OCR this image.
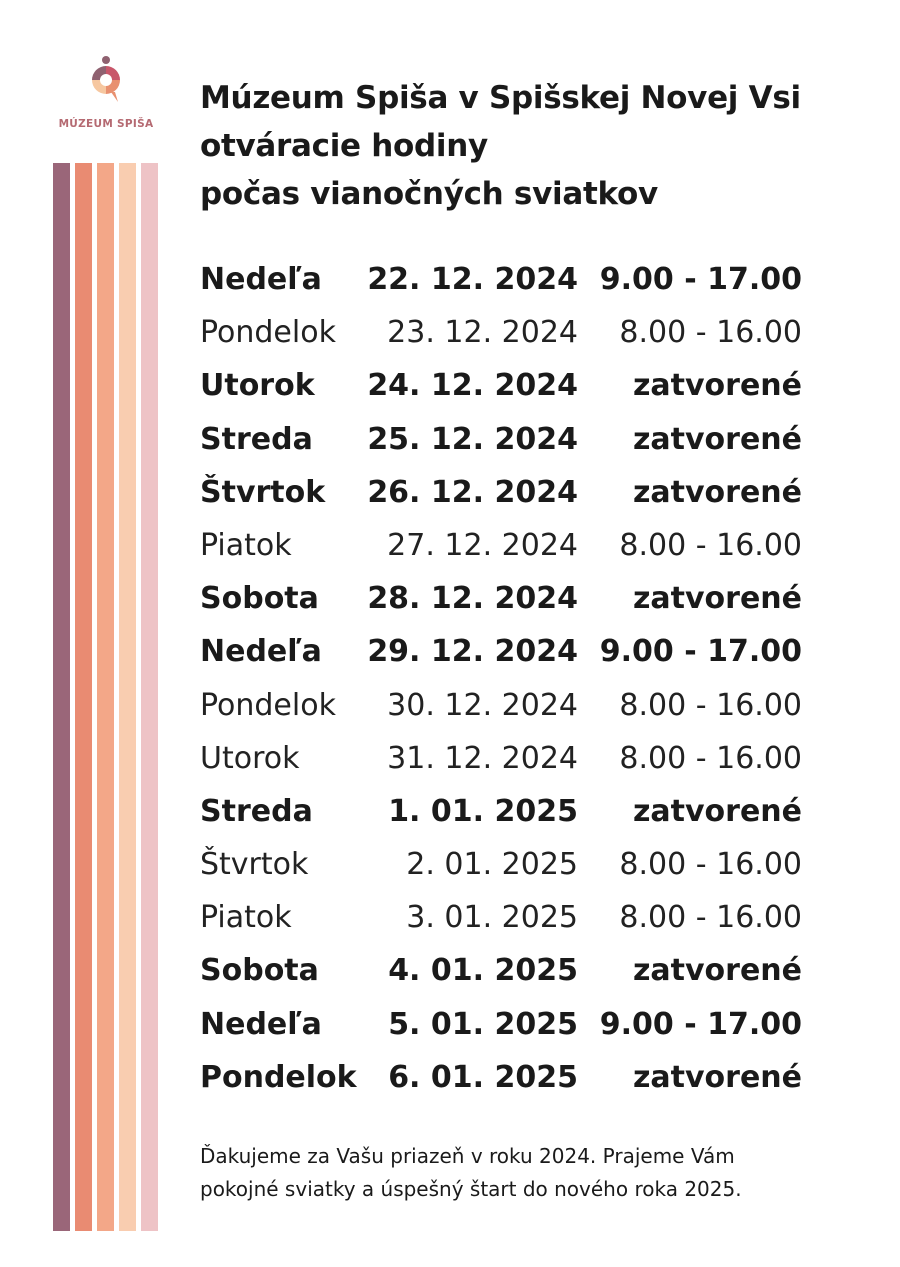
MÚZEUM SPIŠA
Múzeum Spiša v Spišskej Novej Vsi
otváracie hodiny
počas vianočných sviatkov
Nedeľa 22. 12. 2024 9.00 - 17.00
Pondelok 23. 12. 2024 8.00 - 16.00
Utorok 24. 12. 2024 zatvorené
Streda 25. 12. 2024 zatvorené
Štvrtok 26. 12. 2024 zatvorené
Piatok	27. 12. 2024 8.00 - 16.00
Sobota 28. 12. 2024 zatvorené
Nedeľa 29. 12. 2024 9.00 - 17.00
Pondelok 30. 12. 2024 8.00 - 16.00
Utorok	31. 12. 2024 8.00 - 16.00
Streda	1. 01. 2025 zatvorené
Štvrtok	2. 01. 2025 8.00 - 16.00
Piatok	3. 01. 2025 8.00 - 16.00
Sobota 4. 01. 2025 zatvorené
Nedeľa 5. 01. 2025 9.00 - 17.00
Pondelok 6. 01. 2025 zatvorené

Ďakujeme za Vašu priazeň v roku 2024. Prajeme Vám
pokojné sviatky a úspešný štart do nového roka 2025.
